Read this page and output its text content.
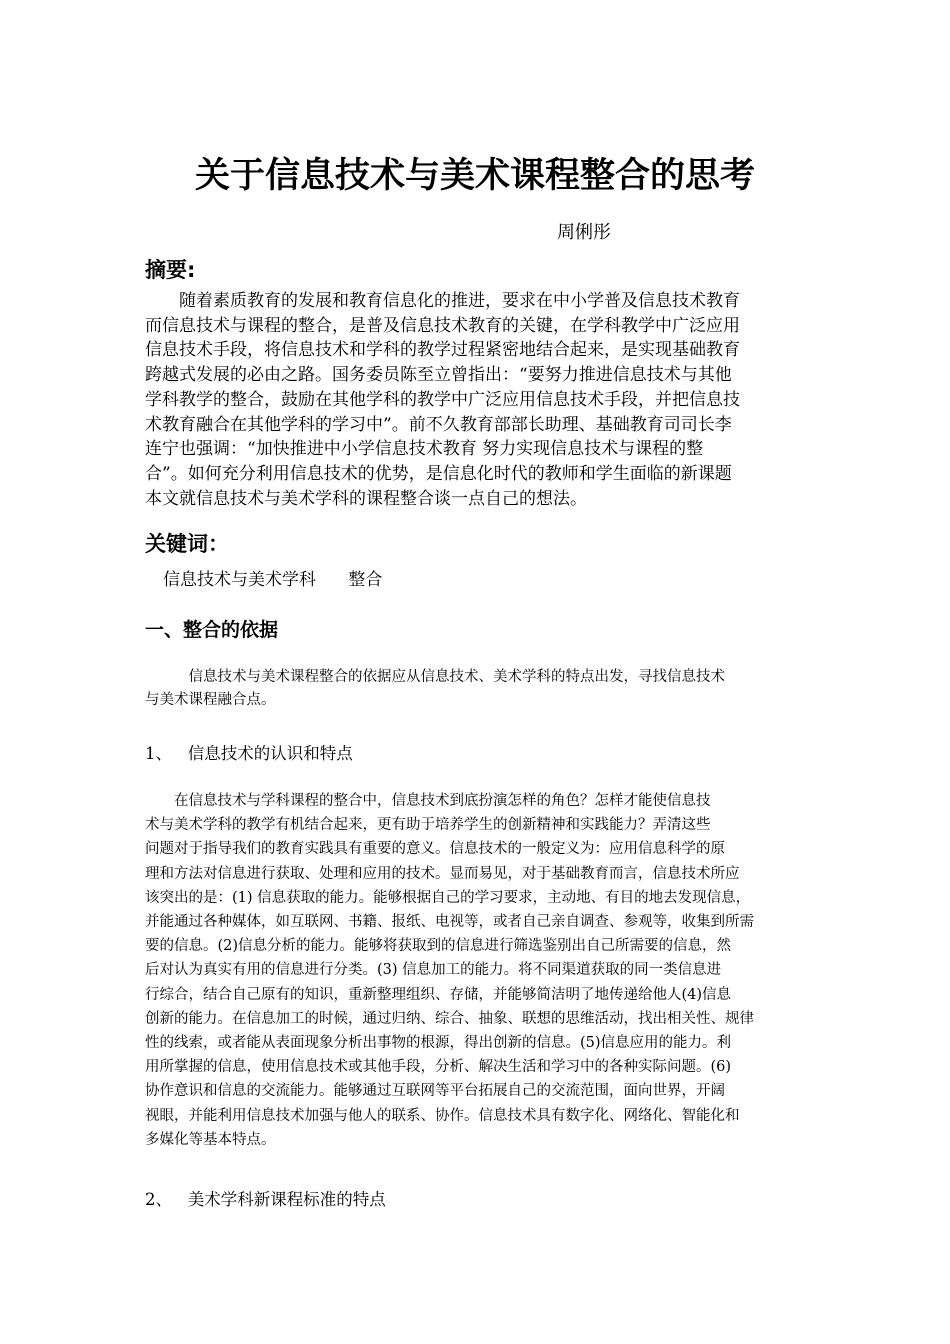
关于信息技术与美术课程整合的思考
周俐彤
摘要:
　　随着素质教育的发展和教育信息化的推进，要求在中小学普及信息技术教育
而信息技术与课程的整合，是普及信息技术教育的关键，在学科教学中广泛应用
信息技术手段，将信息技术和学科的教学过程紧密地结合起来，是实现基础教育
跨越式发展的必由之路。国务委员陈至立曾指出：“要努力推进信息技术与其他
学科教学的整合，鼓励在其他学科的教学中广泛应用信息技术手段，并把信息技
术教育融合在其他学科的学习中”。前不久教育部部长助理、基础教育司司长李
连宁也强调：“加快推进中小学信息技术教育 努力实现信息技术与课程的整
合”。如何充分利用信息技术的优势，是信息化时代的教师和学生面临的新课题
本文就信息技术与美术学科的课程整合谈一点自己的想法。
关键词：
信息技术与美术学科      整合
一、整合的依据
　　　信息技术与美术课程整合的依据应从信息技术、美术学科的特点出发，寻找信息技术
与美术课程融合点。
1、   信息技术的认识和特点
　　在信息技术与学科课程的整合中，信息技术到底扮演怎样的角色？怎样才能使信息技
术与美术学科的教学有机结合起来，更有助于培养学生的创新精神和实践能力？弄清这些
问题对于指导我们的教育实践具有重要的意义。信息技术的一般定义为：应用信息科学的原
理和方法对信息进行获取、处理和应用的技术。显而易见，对于基础教育而言，信息技术所应
该突出的是：(1) 信息获取的能力。能够根据自己的学习要求，主动地、有目的地去发现信息，
并能通过各种媒体，如互联网、书籍、报纸、电视等，或者自己亲自调查、参观等，收集到所需
要的信息。(2)信息分析的能力。能够将获取到的信息进行筛选鉴别出自己所需要的信息，然
后对认为真实有用的信息进行分类。(3) 信息加工的能力。将不同渠道获取的同一类信息进
行综合，结合自己原有的知识，重新整理组织、存储，并能够简洁明了地传递给他人(4)信息
创新的能力。在信息加工的时候，通过归纳、综合、抽象、联想的思维活动，找出相关性、规律
性的线索，或者能从表面现象分析出事物的根源，得出创新的信息。(5)信息应用的能力。利
用所掌握的信息，使用信息技术或其他手段，分析、解决生活和学习中的各种实际问题。(6)
协作意识和信息的交流能力。能够通过互联网等平台拓展自己的交流范围，面向世界，开阔
视眼，并能利用信息技术加强与他人的联系、协作。信息技术具有数字化、网络化、智能化和
多媒化等基本特点。
2、   美术学科新课程标准的特点
